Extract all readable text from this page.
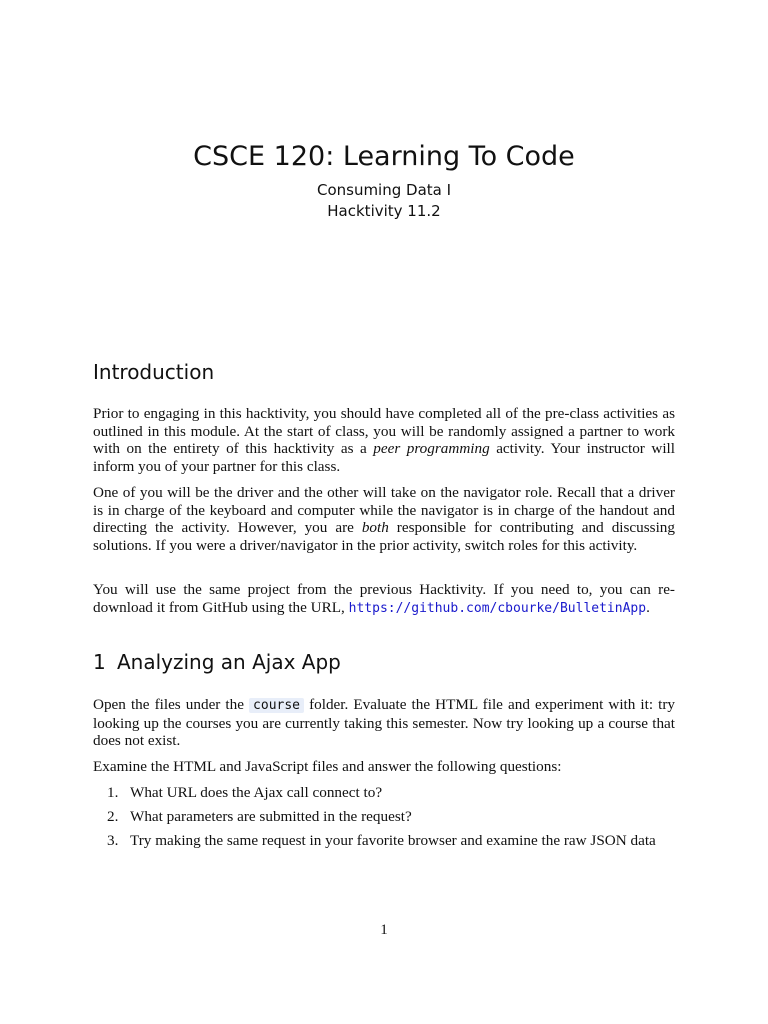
CSCE 120: Learning To Code
Consuming Data I
Hacktivity 11.2
Introduction

Prior to engaging in this hacktivity, you should have completed all of the pre-class activities as outlined in this module. At the start of class, you will be randomly assigned a partner to work with on the entirety of this hacktivity as a peer programming activity. Your instructor will inform you of your partner for this class.

One of you will be the driver and the other will take on the navigator role. Recall that a driver is in charge of the keyboard and computer while the navigator is in charge of the handout and directing the activity. However, you are both responsible for contributing and discussing solutions. If you were a driver/navigator in the prior activity, switch roles for this activity.

You will use the same project from the previous Hacktivity. If you need to, you can re-download it from GitHub using the URL, https://github.com/cbourke/BulletinApp.

1 Analyzing an Ajax App

Open the files under the course folder. Evaluate the HTML file and experiment with it: try looking up the courses you are currently taking this semester. Now try looking up a course that does not exist.

Examine the HTML and JavaScript files and answer the following questions:

1. What URL does the Ajax call connect to?
2. What parameters are submitted in the request?
3. Try making the same request in your favorite browser and examine the raw JSON data
1
